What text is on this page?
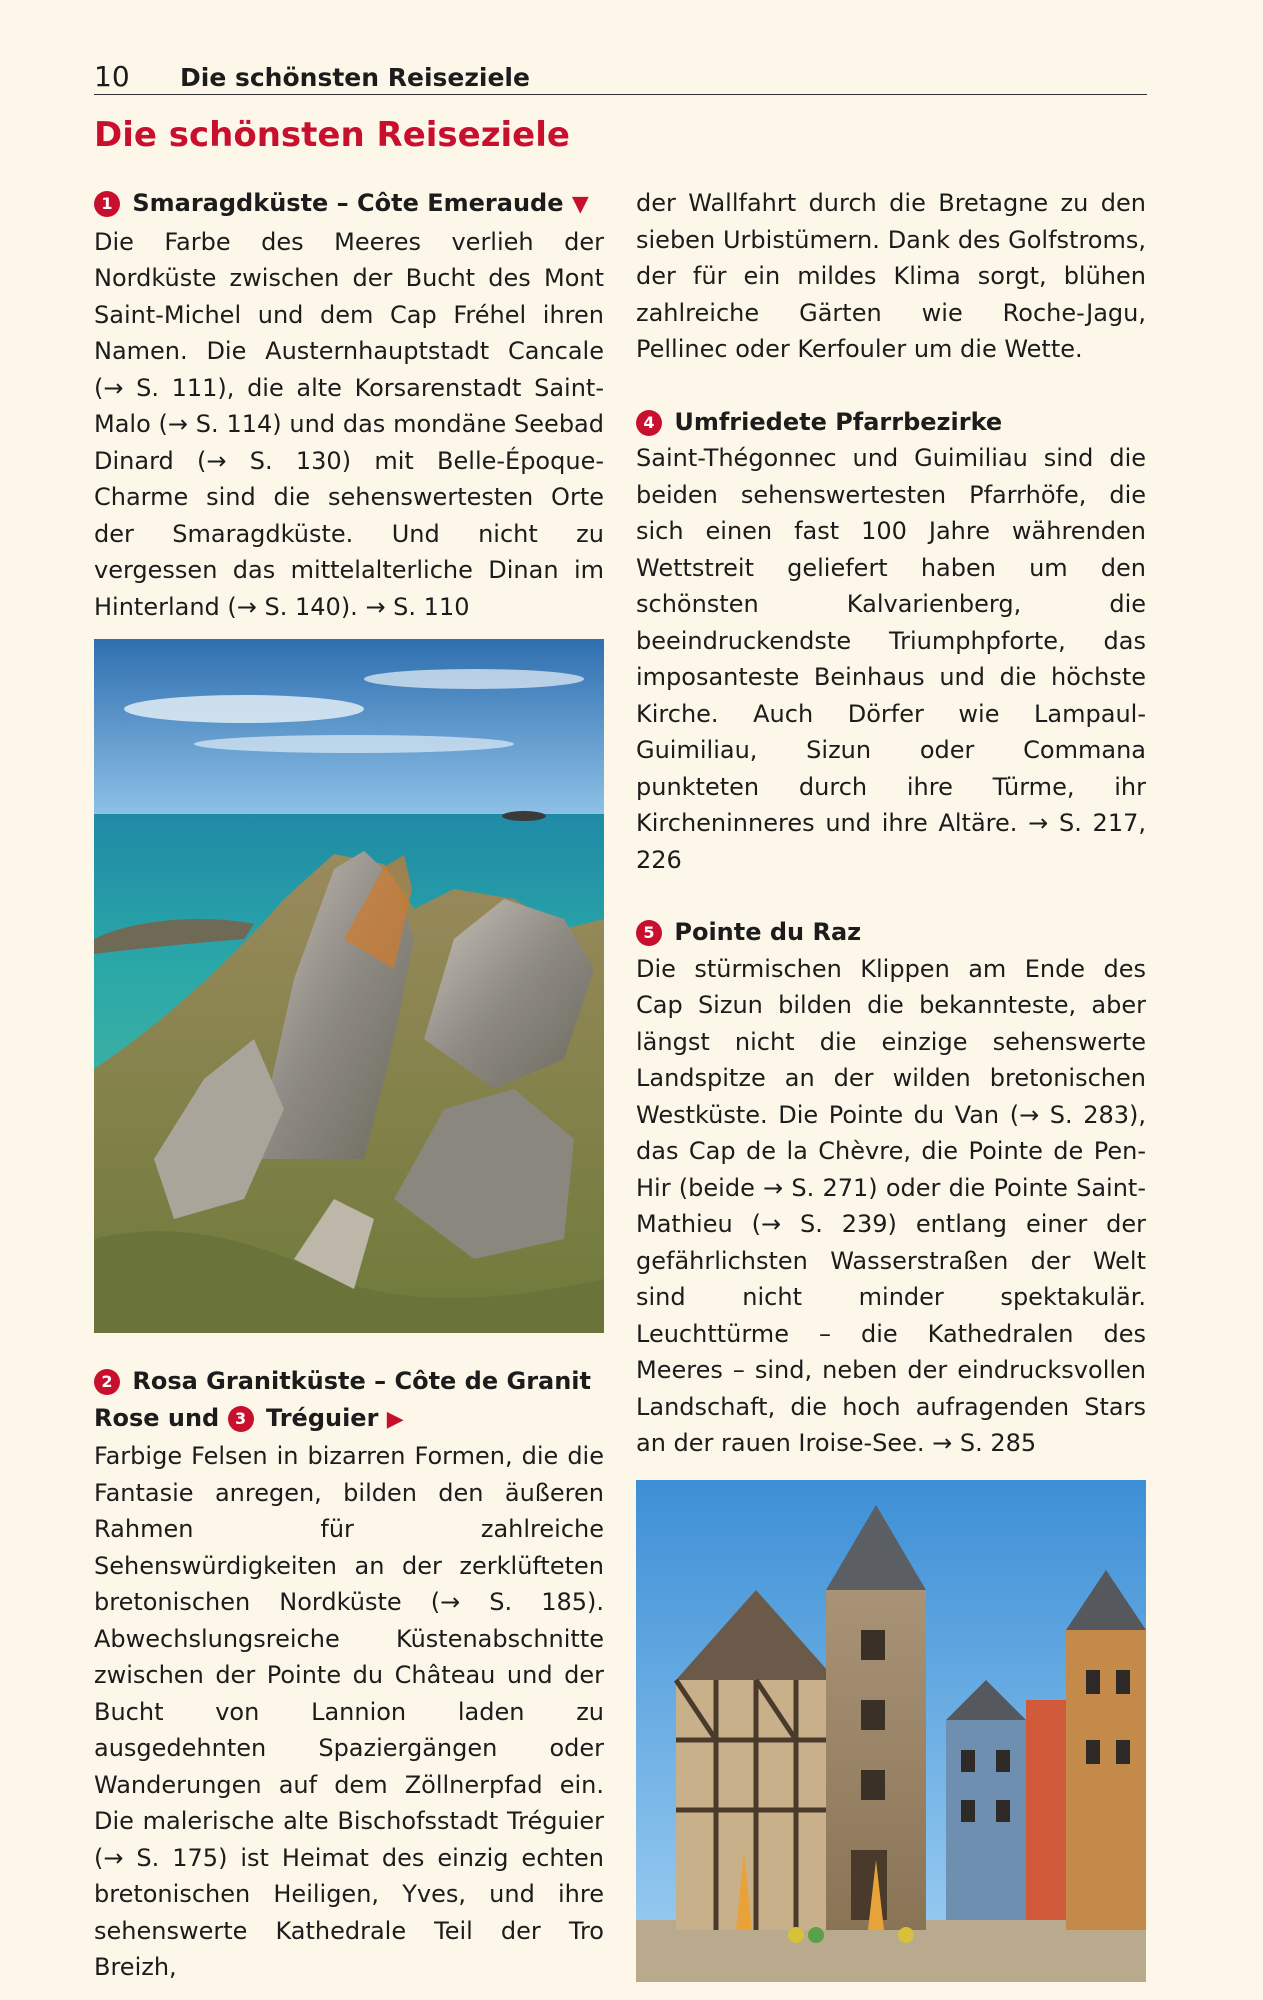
10 Die schönsten Reiseziele
Die schönsten Reiseziele
1 Smaragdküste – Côte Emeraude ▼

Die Farbe des Meeres verlieh der Nordküste zwischen der Bucht des Mont Saint-Michel und dem Cap Fréhel ihren Namen. Die Austernhauptstadt Cancale (→ S. 111), die alte Korsarenstadt Saint-Malo (→ S. 114) und das mondäne Seebad Dinard (→ S. 130) mit Belle-Époque-Charme sind die sehenswertesten Orte der Smaragdküste. Und nicht zu vergessen das mittelalterliche Dinan im Hinterland (→ S. 140). → S. 110

2 Rosa Granitküste – Côte de Granit Rose und 3 Tréguier ▶

Farbige Felsen in bizarren Formen, die die Fantasie anregen, bilden den äußeren Rahmen für zahlreiche Sehenswürdigkeiten an der zerklüfteten bretonischen Nordküste (→ S. 185). Abwechslungsreiche Küstenabschnitte zwischen der Pointe du Château und der Bucht von Lannion laden zu ausgedehnten Spaziergängen oder Wanderungen auf dem Zöllnerpfad ein. Die malerische alte Bischofsstadt Tréguier (→ S. 175) ist Heimat des einzig echten bretonischen Heiligen, Yves, und ihre sehenswerte Kathedrale Teil der Tro Breizh,

der Wallfahrt durch die Bretagne zu den sieben Urbistümern. Dank des Golfstroms, der für ein mildes Klima sorgt, blühen zahlreiche Gärten wie Roche-Jagu, Pellinec oder Kerfouler um die Wette.

4 Umfriedete Pfarrbezirke

Saint-Thégonnec und Guimiliau sind die beiden sehenswertesten Pfarrhöfe, die sich einen fast 100 Jahre währenden Wettstreit geliefert haben um den schönsten Kalvarienberg, die beeindruckendste Triumphpforte, das imposanteste Beinhaus und die höchste Kirche. Auch Dörfer wie Lampaul-Guimiliau, Sizun oder Commana punkteten durch ihre Türme, ihr Kircheninneres und ihre Altäre. → S. 217, 226

5 Pointe du Raz

Die stürmischen Klippen am Ende des Cap Sizun bilden die bekannteste, aber längst nicht die einzige sehenswerte Landspitze an der wilden bretonischen Westküste. Die Pointe du Van (→ S. 283), das Cap de la Chèvre, die Pointe de Pen-Hir (beide → S. 271) oder die Pointe Saint-Mathieu (→ S. 239) entlang einer der gefährlichsten Wasserstraßen der Welt sind nicht minder spektakulär. Leuchttürme – die Kathedralen des Meeres – sind, neben der eindrucksvollen Landschaft, die hoch aufragenden Stars an der rauen Iroise-See. → S. 285
